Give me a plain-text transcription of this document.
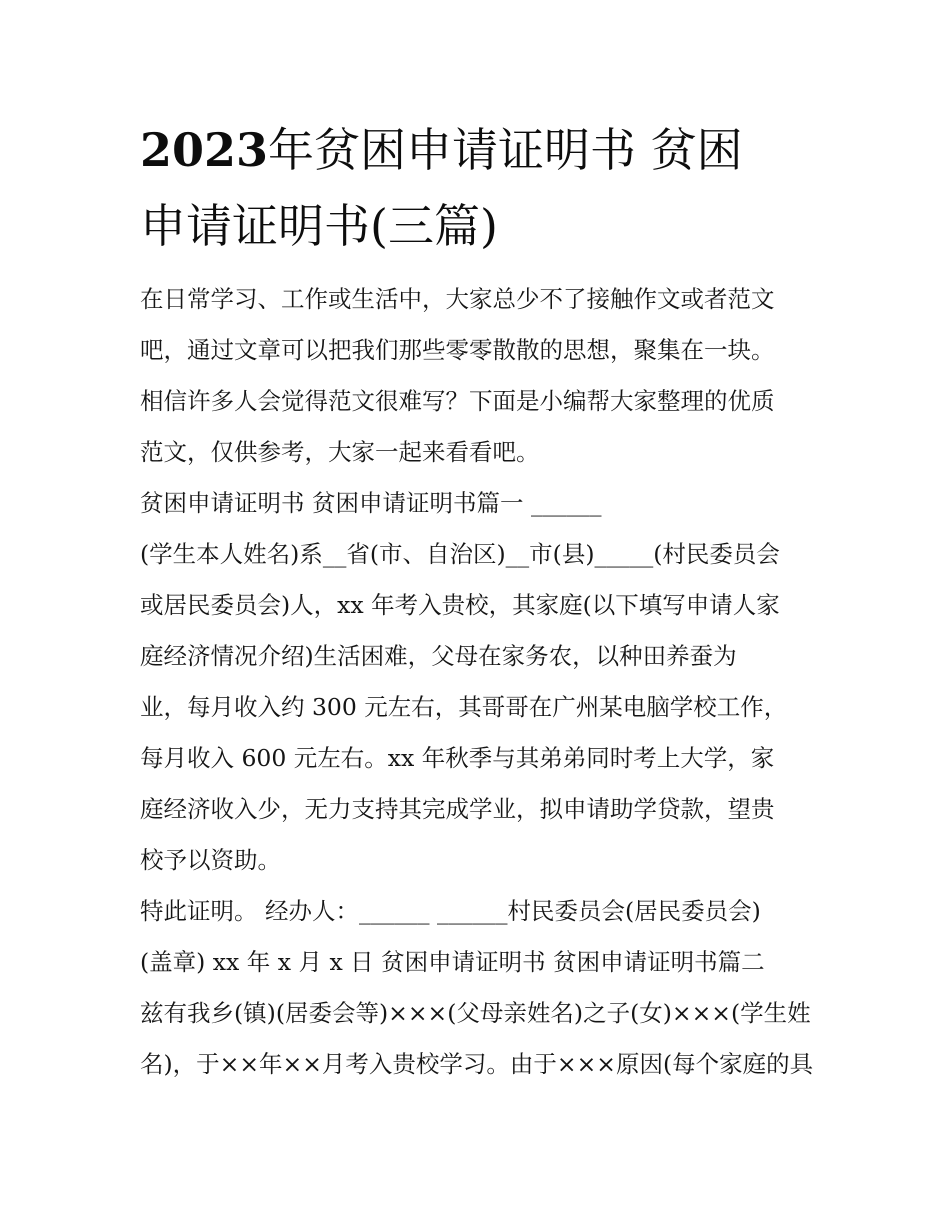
2023年贫困申请证明书 贫困
申请证明书(三篇)
在日常学习、工作或生活中，大家总少不了接触作文或者范文
吧，通过文章可以把我们那些零零散散的思想，聚集在一块。
相信许多人会觉得范文很难写？下面是小编帮大家整理的优质
范文，仅供参考，大家一起来看看吧。
贫困申请证明书 贫困申请证明书篇一 ______
(学生本人姓名)系__省(市、自治区)__市(县)_____(村民委员会
或居民委员会)人，xx 年考入贵校，其家庭(以下填写申请人家
庭经济情况介绍)生活困难，父母在家务农，以种田养蚕为
业，每月收入约 300 元左右，其哥哥在广州某电脑学校工作，
每月收入 600 元左右。xx 年秋季与其弟弟同时考上大学，家
庭经济收入少，无力支持其完成学业，拟申请助学贷款，望贵
校予以资助。
特此证明。 经办人：______ ______村民委员会(居民委员会)
(盖章) xx 年 x 月 x 日 贫困申请证明书 贫困申请证明书篇二
兹有我乡(镇)(居委会等)×××(父母亲姓名)之子(女)×××(学生姓
名)，于××年××月考入贵校学习。由于×××原因(每个家庭的具
